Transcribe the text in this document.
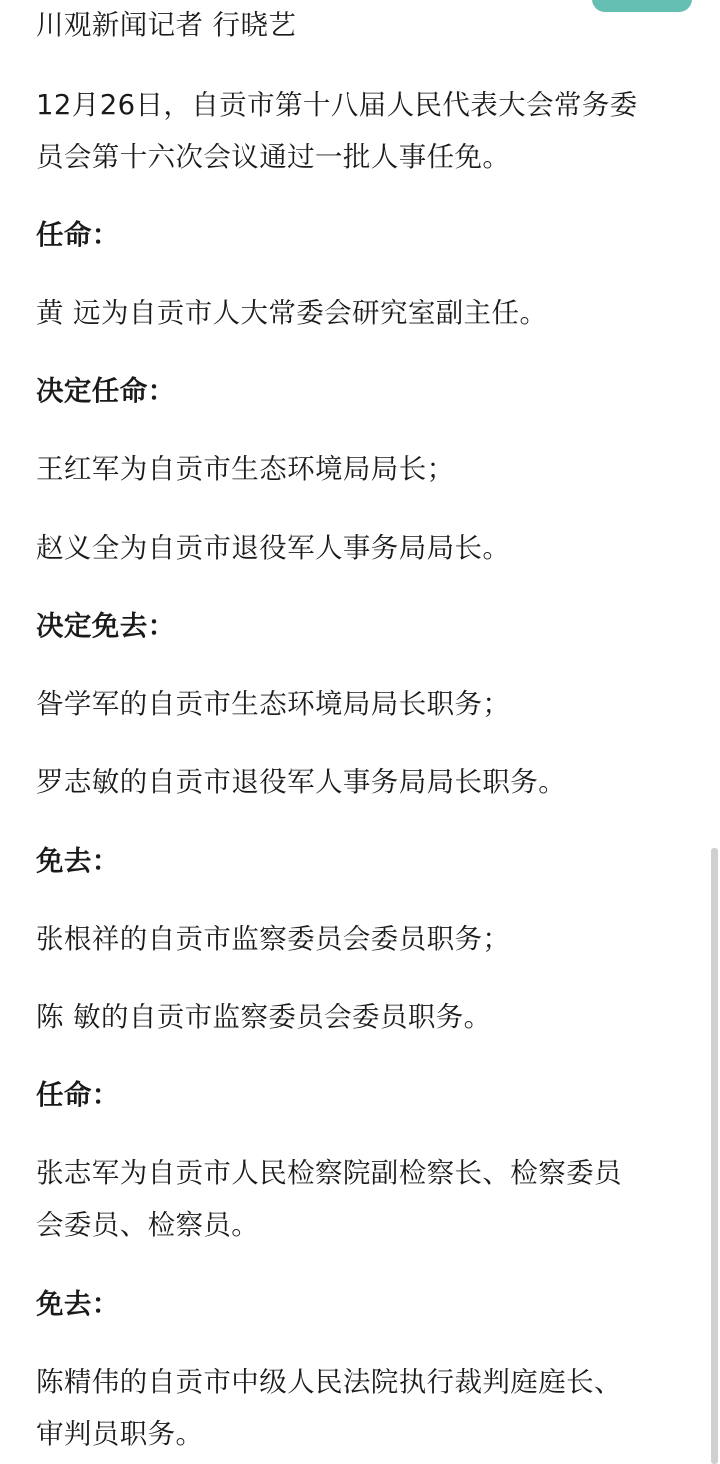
川观新闻记者 行晓艺

12月26日，自贡市第十八届人民代表大会常务委

员会第十六次会议通过一批人事任免。

任命：

黄 远为自贡市人大常委会研究室副主任。

决定任命：

王红军为自贡市生态环境局局长；

赵义全为自贡市退役军人事务局局长。

决定免去：

昝学军的自贡市生态环境局局长职务；

罗志敏的自贡市退役军人事务局局长职务。

免去：

张根祥的自贡市监察委员会委员职务；

陈 敏的自贡市监察委员会委员职务。

任命：

张志军为自贡市人民检察院副检察长、检察委员

会委员、检察员。

免去：

陈精伟的自贡市中级人民法院执行裁判庭庭长、

审判员职务。
